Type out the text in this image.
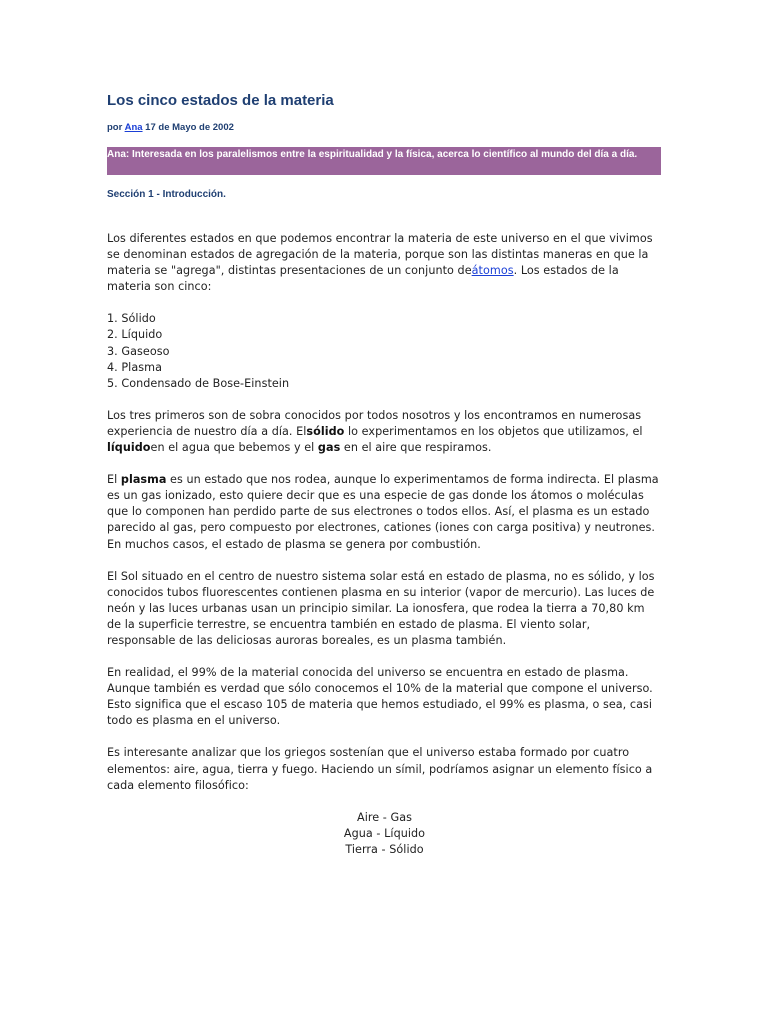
Los cinco estados de la materia
por Ana 17 de Mayo de 2002
Ana: Interesada en los paralelismos entre la espiritualidad y la física, acerca lo científico al mundo del día a día.
Sección 1 - Introducción.

Los diferentes estados en que podemos encontrar la materia de este universo en el que vivimos se denominan estados de agregación de la materia, porque son las distintas maneras en que la materia se "agrega", distintas presentaciones de un conjunto deátomos. Los estados de la materia son cinco:

1. Sólido
2. Líquido
3. Gaseoso
4. Plasma
5. Condensado de Bose-Einstein

Los tres primeros son de sobra conocidos por todos nosotros y los encontramos en numerosas experiencia de nuestro día a día. Elsólido lo experimentamos en los objetos que utilizamos, el líquidoen el agua que bebemos y el gas en el aire que respiramos.

El plasma es un estado que nos rodea, aunque lo experimentamos de forma indirecta. El plasma es un gas ionizado, esto quiere decir que es una especie de gas donde los átomos o moléculas que lo componen han perdido parte de sus electrones o todos ellos. Así, el plasma es un estado parecido al gas, pero compuesto por electrones, cationes (iones con carga positiva) y neutrones. En muchos casos, el estado de plasma se genera por combustión.

El Sol situado en el centro de nuestro sistema solar está en estado de plasma, no es sólido, y los conocidos tubos fluorescentes contienen plasma en su interior (vapor de mercurio). Las luces de neón y las luces urbanas usan un principio similar. La ionosfera, que rodea la tierra a 70,80 km de la superficie terrestre, se encuentra también en estado de plasma. El viento solar, responsable de las deliciosas auroras boreales, es un plasma también.

En realidad, el 99% de la material conocida del universo se encuentra en estado de plasma. Aunque también es verdad que sólo conocemos el 10% de la material que compone el universo. Esto significa que el escaso 105 de materia que hemos estudiado, el 99% es plasma, o sea, casi todo es plasma en el universo.

Es interesante analizar que los griegos sostenían que el universo estaba formado por cuatro elementos: aire, agua, tierra y fuego. Haciendo un símil, podríamos asignar un elemento físico a cada elemento filosófico:

Aire - Gas
Agua - Líquido
Tierra - Sólido
